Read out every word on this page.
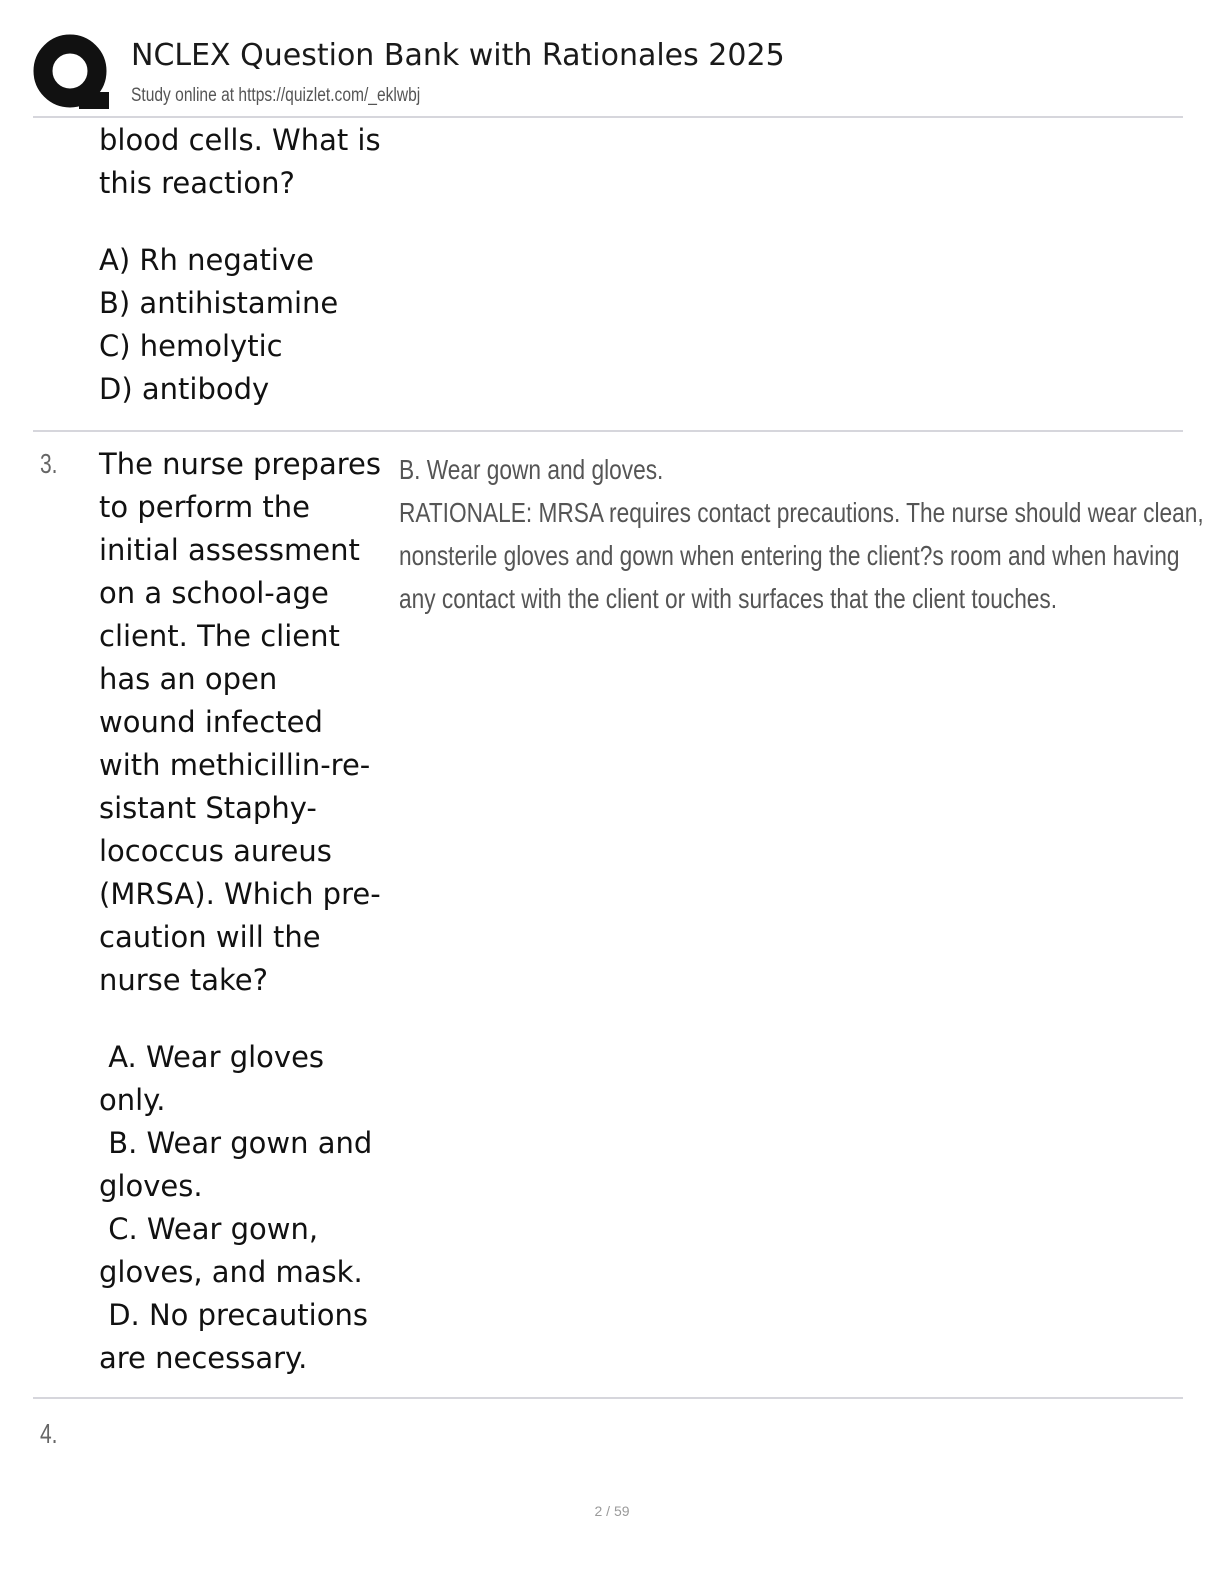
NCLEX Question Bank with Rationales 2025
Study online at https://quizlet.com/_eklwbj
blood cells. What is
this reaction?
A) Rh negative
B) antihistamine
C) hemolytic
D) antibody
3. The nurse prepares
to perform the
initial assessment
on a school-age
client. The client
has an open
wound infected
with methicillin-re-
sistant Staphy-
lococcus aureus
(MRSA). Which pre-
caution will the
nurse take?
A. Wear gloves
only.
B. Wear gown and
gloves.
C. Wear gown,
gloves, and mask.
D. No precautions
are necessary.
B. Wear gown and gloves.
RATIONALE: MRSA requires contact precautions. The nurse should wear clean,
nonsterile gloves and gown when entering the client?s room and when having
any contact with the client or with surfaces that the client touches.
4.
2 / 59
